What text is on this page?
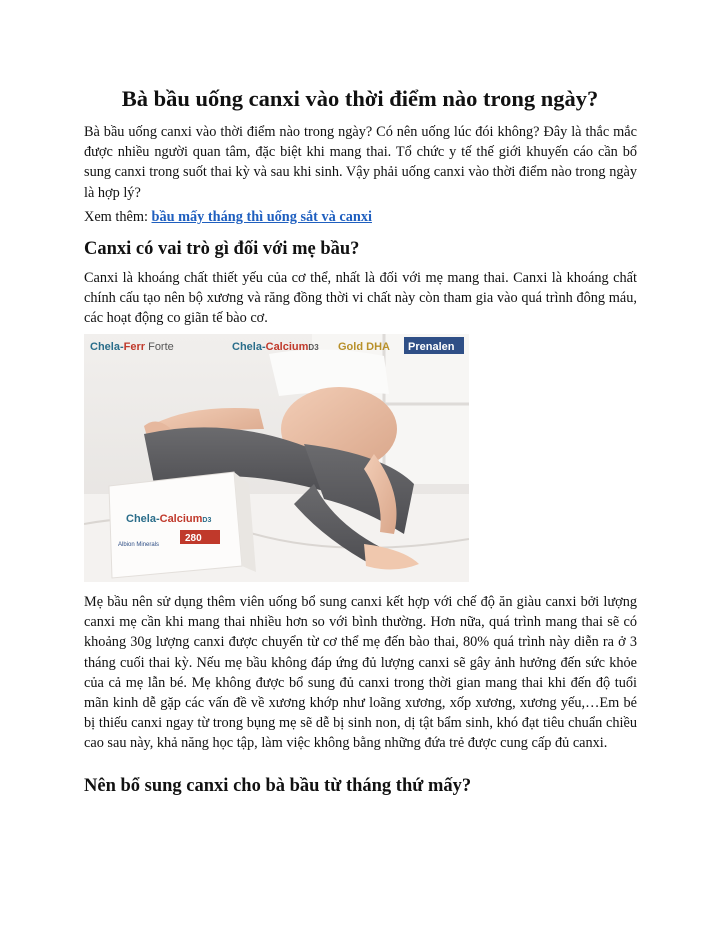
Bà bầu uống canxi vào thời điểm nào trong ngày?

Bà bầu uống canxi vào thời điểm nào trong ngày? Có nên uống lúc đói không? Đây là thắc mắc được nhiều người quan tâm, đặc biệt khi mang thai. Tổ chức y tế thế giới khuyến cáo cần bổ sung canxi trong suốt thai kỳ và sau khi sinh. Vậy phải uống canxi vào thời điểm nào trong ngày là hợp lý?

Xem thêm: bầu mấy tháng thì uống sắt và canxi

Canxi có vai trò gì đối với mẹ bầu?

Canxi là khoáng chất thiết yếu của cơ thể, nhất là đối với mẹ mang thai. Canxi là khoáng chất chính cấu tạo nên bộ xương và răng đồng thời vi chất này còn tham gia vào quá trình đông máu, các hoạt động co giãn tế bào cơ.

Chela-Ferr Forte	Chela-CalciumD3 Gold DHA Prenalen
Chela-CalciumD3
280
Albion Minerals

Mẹ bầu nên sử dụng thêm viên uống bổ sung canxi kết hợp với chế độ ăn giàu canxi bởi lượng canxi mẹ cần khi mang thai nhiều hơn so với bình thường. Hơn nữa, quá trình mang thai sẽ có khoảng 30g lượng canxi được chuyển từ cơ thể mẹ đến bào thai, 80% quá trình này diễn ra ở 3 tháng cuối thai kỳ. Nếu mẹ bầu không đáp ứng đủ lượng canxi sẽ gây ảnh hưởng đến sức khỏe của cả mẹ lẫn bé. Mẹ không được bổ sung đủ canxi trong thời gian mang thai khi đến độ tuổi mãn kinh dễ gặp các vấn đề về xương khớp như loãng xương, xốp xương, xương yếu,…Em bé bị thiếu canxi ngay từ trong bụng mẹ sẽ dễ bị sinh non, dị tật bẩm sinh, khó đạt tiêu chuẩn chiều cao sau này, khả năng học tập, làm việc không bằng những đứa trẻ được cung cấp đủ canxi.

Nên bổ sung canxi cho bà bầu từ tháng thứ mấy?
